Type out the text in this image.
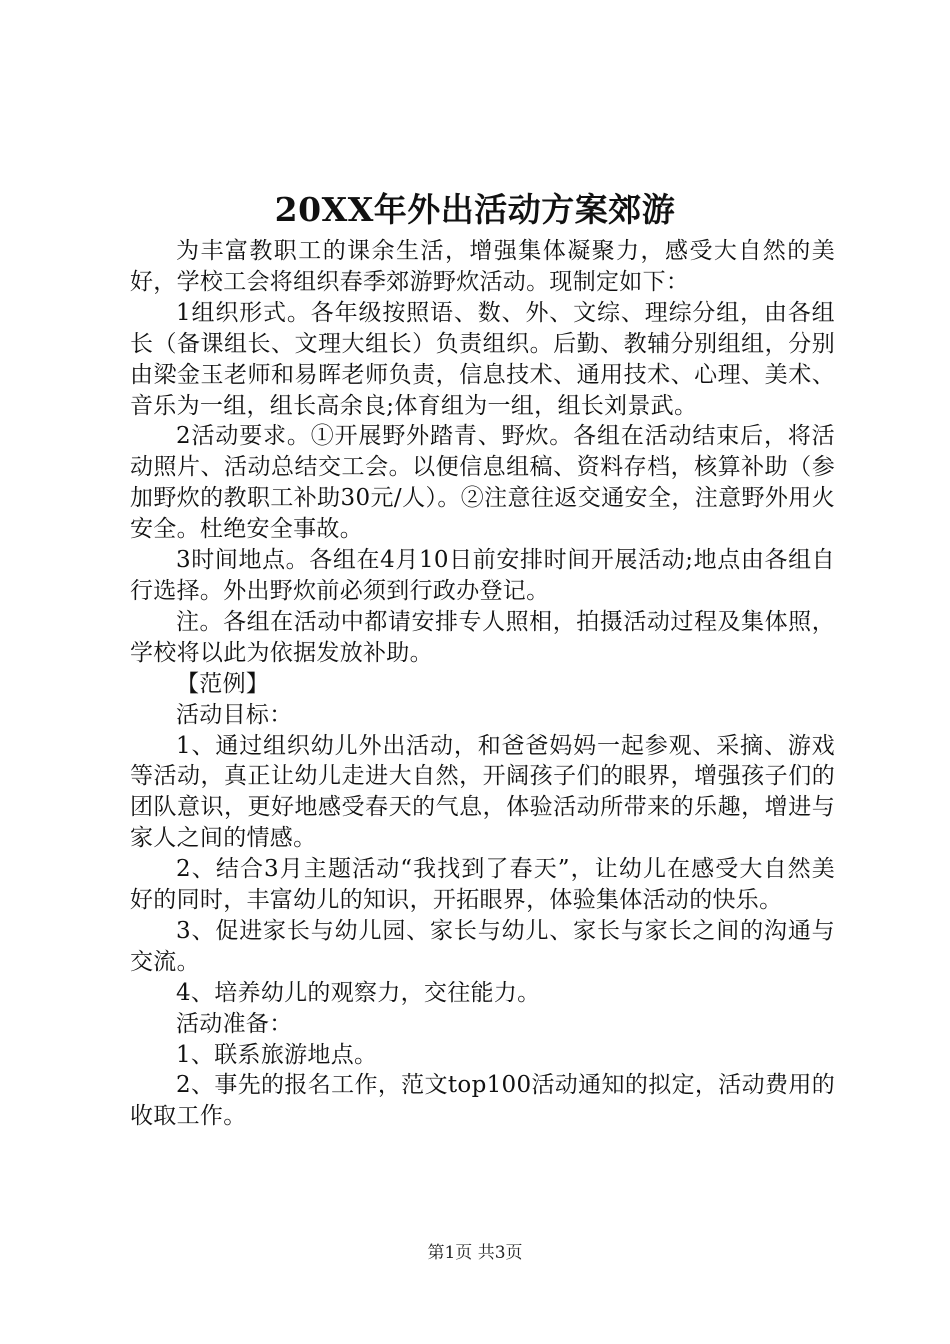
20XX年外出活动方案郊游

为丰富教职工的课余生活，增强集体凝聚力，感受大自然的美好，学校工会将组织春季郊游野炊活动。现制定如下：

1组织形式。各年级按照语、数、外、文综、理综分组，由各组长（备课组长、文理大组长）负责组织。后勤、教辅分别组组，分别由梁金玉老师和易晖老师负责，信息技术、通用技术、心理、美术、音乐为一组，组长高余良;体育组为一组，组长刘景武。

2活动要求。①开展野外踏青、野炊。各组在活动结束后，将活动照片、活动总结交工会。以便信息组稿、资料存档，核算补助（参加野炊的教职工补助30元/人）。②注意往返交通安全，注意野外用火安全。杜绝安全事故。

3时间地点。各组在4月10日前安排时间开展活动;地点由各组自行选择。外出野炊前必须到行政办登记。

注。各组在活动中都请安排专人照相，拍摄活动过程及集体照，学校将以此为依据发放补助。

【范例】

活动目标：

1、通过组织幼儿外出活动，和爸爸妈妈一起参观、采摘、游戏等活动，真正让幼儿走进大自然，开阔孩子们的眼界，增强孩子们的团队意识，更好地感受春天的气息，体验活动所带来的乐趣，增进与家人之间的情感。

2、结合3月主题活动“我找到了春天”，让幼儿在感受大自然美好的同时，丰富幼儿的知识，开拓眼界，体验集体活动的快乐。

3、促进家长与幼儿园、家长与幼儿、家长与家长之间的沟通与交流。

4、培养幼儿的观察力，交往能力。

活动准备：

1、联系旅游地点。

2、事先的报名工作，范文top100活动通知的拟定，活动费用的收取工作。

第1页 共3页
